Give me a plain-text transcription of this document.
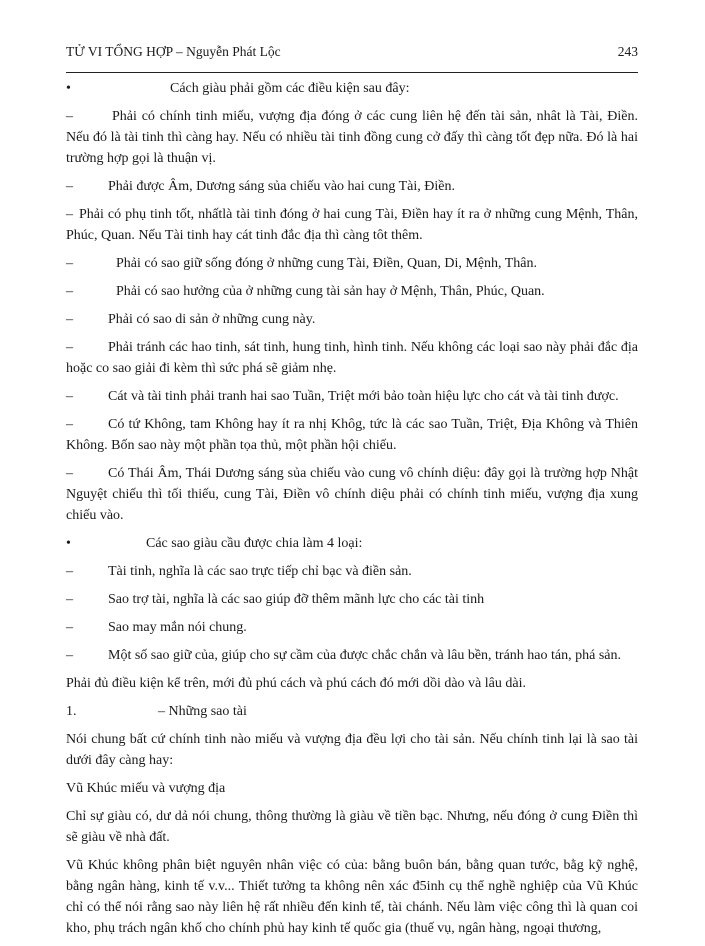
TỬ VI TỔNG HỢP – Nguyễn Phát Lộc	243

•	Cách giàu phải gồm các điều kiện sau đây:

–	Phải có chính tinh miếu, vượng địa đóng ở các cung liên hệ đến tài sản, nhât là Tài, Điền. Nếu đó là tài tinh thì càng hay. Nếu có nhiều tài tinh đồng cung cở đấy thì càng tốt đẹp nữa. Đó là hai trường hợp gọi là thuận vị.

–	Phải được Âm, Dương sáng sủa chiếu vào hai cung Tài, Điền.

– Phải có phụ tinh tốt, nhấtlà tài tinh đóng ở hai cung Tài, Điền hay ít ra ở những cung Mệnh, Thân, Phúc, Quan. Nếu Tài tinh hay cát tinh đắc địa thì càng tôt thêm.

–	Phải có sao giữ sống đóng ở những cung Tài, Điền, Quan, Di, Mệnh, Thân.

–	Phải có sao hưởng của ở những cung tài sản hay ở Mệnh, Thân, Phúc, Quan.

–	Phải có sao di sản ở những cung này.

–	Phải tránh các hao tinh, sát tinh, hung tinh, hình tinh. Nếu không các loại sao này phải đắc địa hoặc co sao giải đi kèm thì sức phá sẽ giảm nhẹ.

–	Cát và tài tinh phải tranh hai sao Tuần, Triệt mới bảo toàn hiệu lực cho cát và tài tinh được.

–	Có tứ Không, tam Không hay ít ra nhị Khôg, tức là các sao Tuần, Triệt, Địa Không và Thiên Không. Bốn sao này một phần tọa thủ, một phần hội chiếu.

–	Có Thái Âm, Thái Dương sáng sủa chiếu vào cung vô chính diệu: đây gọi là trường hợp Nhật Nguyệt chiếu thì tối thiếu, cung Tài, Điền vô chính diệu phải có chính tinh miếu, vượng địa xung chiếu vào.

•	Các sao giàu cầu được chia làm 4 loại:

–	Tài tinh, nghĩa là các sao trực tiếp chỉ bạc và điền sản.

–	Sao trợ tài, nghĩa là các sao giúp đỡ thêm mãnh lực cho các tài tinh

–	Sao may mắn nói chung.

–	Một số sao giữ của, giúp cho sự cầm của được chắc chắn và lâu bền, tránh hao tán, phá sản.

Phải đủ điều kiện kể trên, mới đủ phú cách và phú cách đó mới dồi dào và lâu dài.

1.	– Những sao tài

Nói chung bất cứ chính tinh nào miếu và vượng địa đều lợi cho tài sản. Nếu chính tinh lại là sao tài dưới đây càng hay:

Vũ Khúc miếu và vượng địa

Chỉ sự giàu có, dư dả nói chung, thông thường là giàu về tiền bạc. Nhưng, nếu đóng ở cung Điền thì sẽ giàu về nhà đất.

Vũ Khúc không phân biệt nguyên nhân việc có của: bằng buôn bán, bằng quan tước, bằg kỹ nghệ, bằng ngân hàng, kinh tế v.v... Thiết tưởng ta không nên xác đ5inh cụ thể nghề nghiệp của Vũ Khúc chỉ có thể nói rằng sao này liên hệ rất nhiều đến kinh tế, tài chánh. Nếu làm việc công thì là quan coi kho, phụ trách ngân khố cho chính phủ hay kinh tế quốc gia (thuế vụ, ngân hàng, ngoại thương,
